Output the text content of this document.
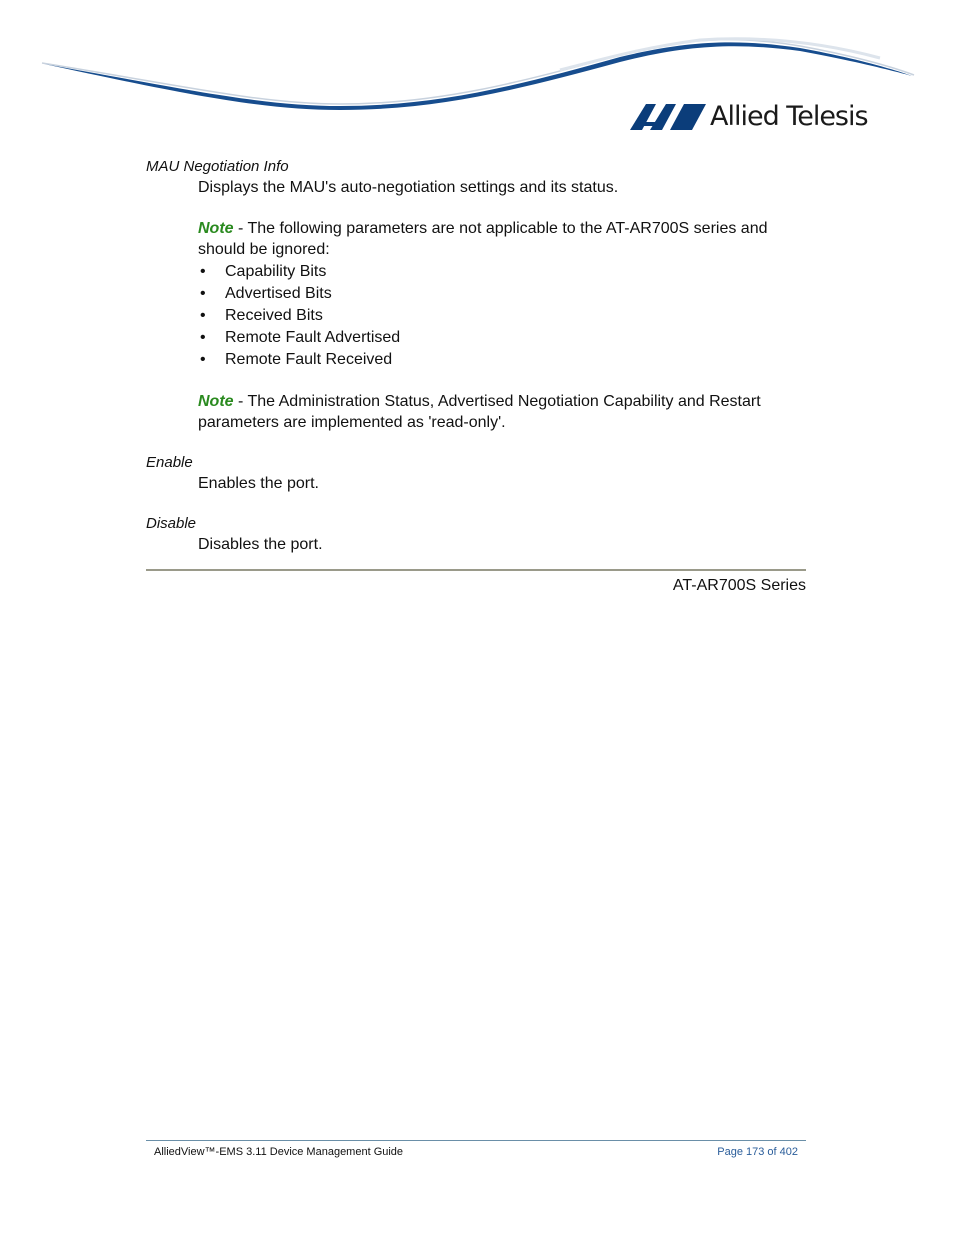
Allied Telesis

MAU Negotiation Info

Displays the MAU's auto-negotiation settings and its status.

Note - The following parameters are not applicable to the AT-AR700S series and should be ignored:

• Capability Bits
• Advertised Bits
• Received Bits
• Remote Fault Advertised
• Remote Fault Received

Note - The Administration Status, Advertised Negotiation Capability and Restart parameters are implemented as 'read-only'.

Enable

Enables the port.

Disable

Disables the port.

AT-AR700S Series
AlliedView™-EMS 3.11 Device Management Guide	Page 173 of 402
